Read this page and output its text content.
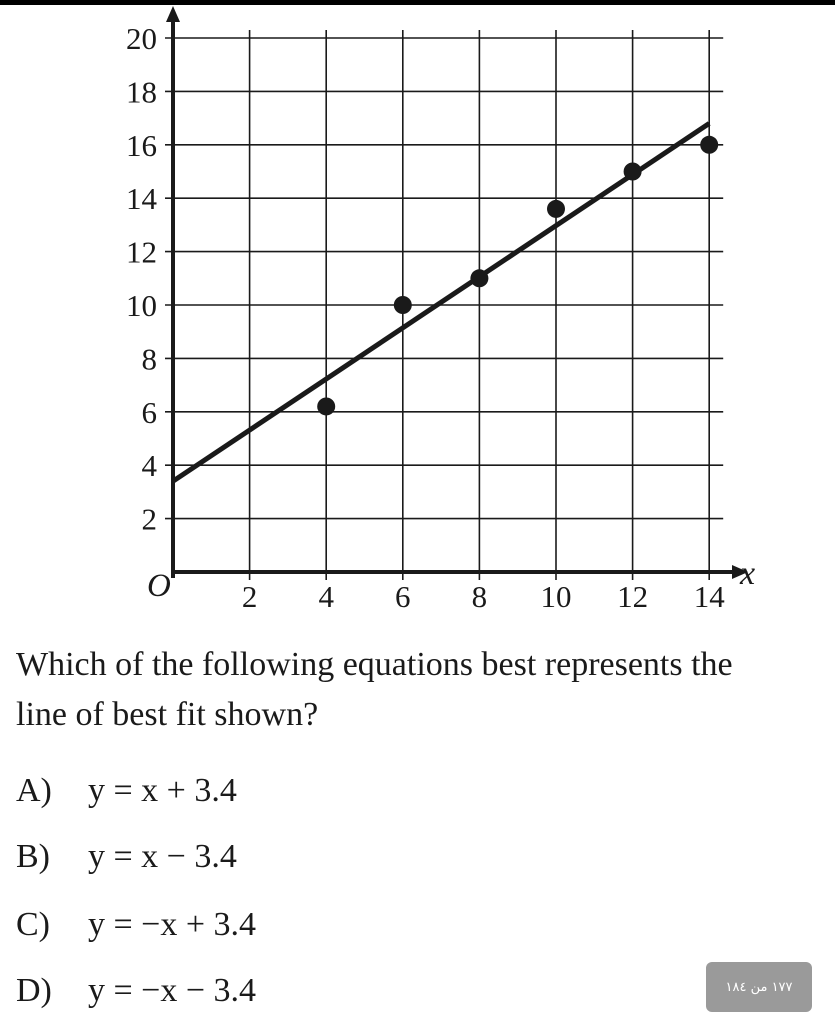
2
4
6
8
10
12
14
16
18
20
2 4 6 8 10 12 14
O	x
Which of the following equations best represents the
line of best fit shown?
A) y = x + 3.4
B) y = x − 3.4
C) y = −x + 3.4
D) y = −x − 3.4	١٧٧ من ١٨٤
